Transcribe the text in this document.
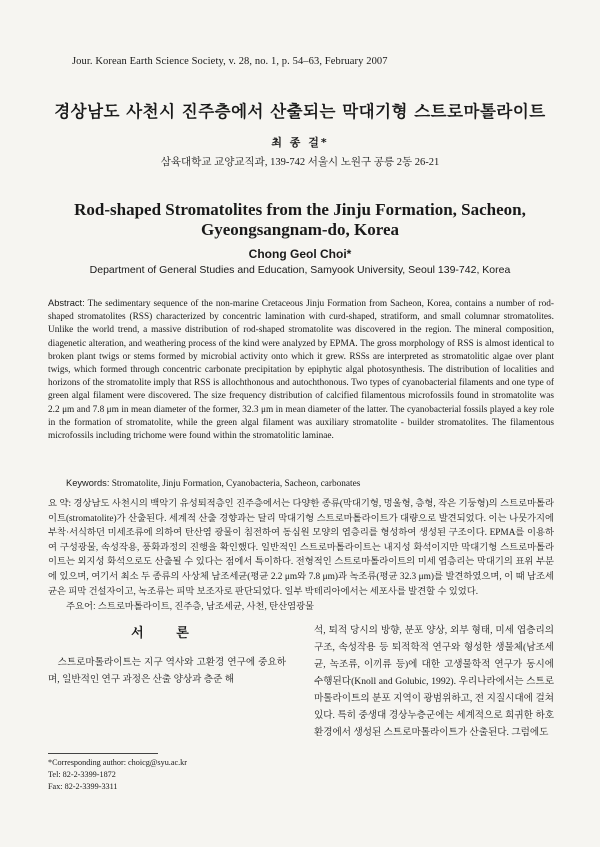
Jour. Korean Earth Science Society, v. 28, no. 1, p. 54–63, February 2007
경상남도 사천시 진주층에서 산출되는 막대기형 스트로마톨라이트
최 종 걸*
삼육대학교 교양교직과, 139-742 서울시 노원구 공릉 2동 26-21
Rod-shaped Stromatolites from the Jinju Formation, Sacheon, Gyeongsangnam-do, Korea
Chong Geol Choi*
Department of General Studies and Education, Samyook University, Seoul 139-742, Korea
Abstract: The sedimentary sequence of the non-marine Cretaceous Jinju Formation from Sacheon, Korea, contains a number of rod-shaped stromatolites (RSS) characterized by concentric lamination with curd-shaped, stratiform, and small columnar stromatolites. Unlike the world trend, a massive distribution of rod-shaped stromatolite was discovered in the region. The mineral composition, diagenetic alteration, and weathering process of the kind were analyzed by EPMA. The gross morphology of RSS is almost identical to broken plant twigs or stems formed by microbial activity onto which it grew. RSSs are interpreted as stromatolitic algae over plant twigs, which formed through concentric carbonate precipitation by epiphytic algal photosynthesis. The distribution of localities and horizons of the stromatolite imply that RSS is allochthonous and autochthonous. Two types of cyanobacterial filaments and one type of green algal filament were discovered. The size frequency distribution of calcified filamentous microfossils found in stromatolite was 2.2 μm and 7.8 μm in mean diameter of the former, 32.3 μm in mean diameter of the latter. The cyanobacterial fossils played a key role in the formation of stromatolite, while the green algal filament was auxiliary stromatolite - builder stromatolites. The filamentous microfossils including trichome were found within the stromatolitic laminae.
Keywords: Stromatolite, Jinju Formation, Cyanobacteria, Sacheon, carbonates
요 약: 경상남도 사천시의 백악기 유성퇴적층인 진주층에서는 다양한 종류(막대기형, 멍울형, 층형, 작은 기둥형)의 스트로마톨라이트(stromatolite)가 산출된다. 세계적 산출 경향과는 달리 막대기형 스트로마톨라이트가 대량으로 발견되었다. 이는 나뭇가지에 부착·서식하던 미세조류에 의하여 탄산염 광물이 침전하여 동심원 모양의 엽층리를 형성하여 생성된 구조이다. EPMA를 이용하여 구성광물, 속성작용, 풍화과정의 진행을 확인했다. 일반적인 스트로마톨라이트는 내지성 화석이지만 막대기형 스트로마톨라이트는 외지성 화석으로도 산출될 수 있다는 점에서 특이하다. 전형적인 스트로마톨라이트의 미세 엽층리는 막대기의 표위 부분에 있으며, 여기서 최소 두 종류의 사상체 남조세균(평균 2.2 μm와 7.8 μm)과 녹조류(평균 32.3 μm)를 발견하였으며, 이 때 남조세균은 피막 건설자이고, 녹조류는 피막 보조자로 판단되었다. 일부 박테리아에서는 세포사를 발견할 수 있었다.
주요어: 스트로마톨라이트, 진주층, 남조세균, 사천, 탄산염광물
서 론
스트로마톨라이트는 지구 역사와 고환경 연구에 중요하며, 일반적인 연구 과정은 산출 양상과 층준 해
*Corresponding author: choicg@syu.ac.kr
Tel: 82-2-3399-1872
Fax: 82-2-3399-3311
석, 퇴적 당시의 방향, 분포 양상, 외부 형태, 미세 엽층리의 구조, 속성작용 등 퇴적학적 연구와 형성한 생물체(남조세균, 녹조류, 이끼류 등)에 대한 고생물학적 연구가 동시에 수행된다(Knoll and Golubic, 1992). 우리나라에서는 스트로마톨라이트의 분포 지역이 광범위하고, 전 지질시대에 걸쳐 있다. 특히 중생대 경상누층군에는 세계적으로 희귀한 하호 환경에서 생성된 스트로마톨라이트가 산출된다. 그럼에도
